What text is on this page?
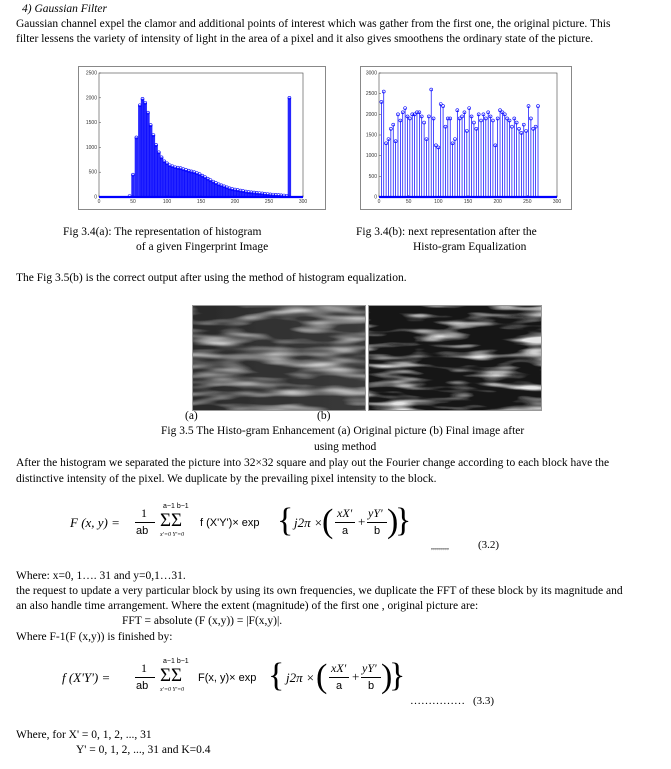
4) Gaussian Filter
Gaussian channel expel the clamor and additional points of interest which was gather from the first one, the original picture. This
filter lessens the variety of intensity of light in the area of a pixel and it also gives smoothens the ordinary state of the picture.
0
500
1000
1500
2000
2500
0	50	100	150	200	250	300
0
500
1000
1500
2000
2500
3000
0	50	100	150	200	250	300
Fig 3.4(a): The representation of histogram
of a given Fingerprint Image
Fig 3.4(b): next representation after the
Histo-gram Equalization
The Fig 3.5(b) is the correct output after using the method of histogram equalization.
(a)	(b)
Fig 3.5 The Histo-gram Enhancement (a) Original picture (b) Final image after
using method
After the histogram we separated the picture into 32×32 square and play out the Fourier change according to each block have the
distinctive intensity of the pixel. We duplicate by the prevailing pixel intensity to the block.
F (x, y) =
1
ab
a−1 b−1
ΣΣ
x'=0 Y'=0
f (X'Y')× exp { j2π × ( xX'
a
+
yY'
b )
}
,,,,,,,,,	(3.2)
Where: x=0, 1…. 31 and y=0,1…31.
the request to update a very particular block by using its own frequencies, we duplicate the FFT of these block by its magnitude and
an also handle time arrangement. Where the extent (magnitude) of the first one , original picture are:
FFT = absolute (F (x,y)) = |F(x,y)|.
Where F-1(F (x,y)) is finished by:
f (X'Y') =
1
ab
a−1 b−1
ΣΣ
x'=0 Y'=0
F(x, y)× exp { j2π × ( xX'
a
+
yY'
b )
}
…………… (3.3)
Where, for X' = 0, 1, 2, ..., 31
Y' = 0, 1, 2, ..., 31 and K=0.4
